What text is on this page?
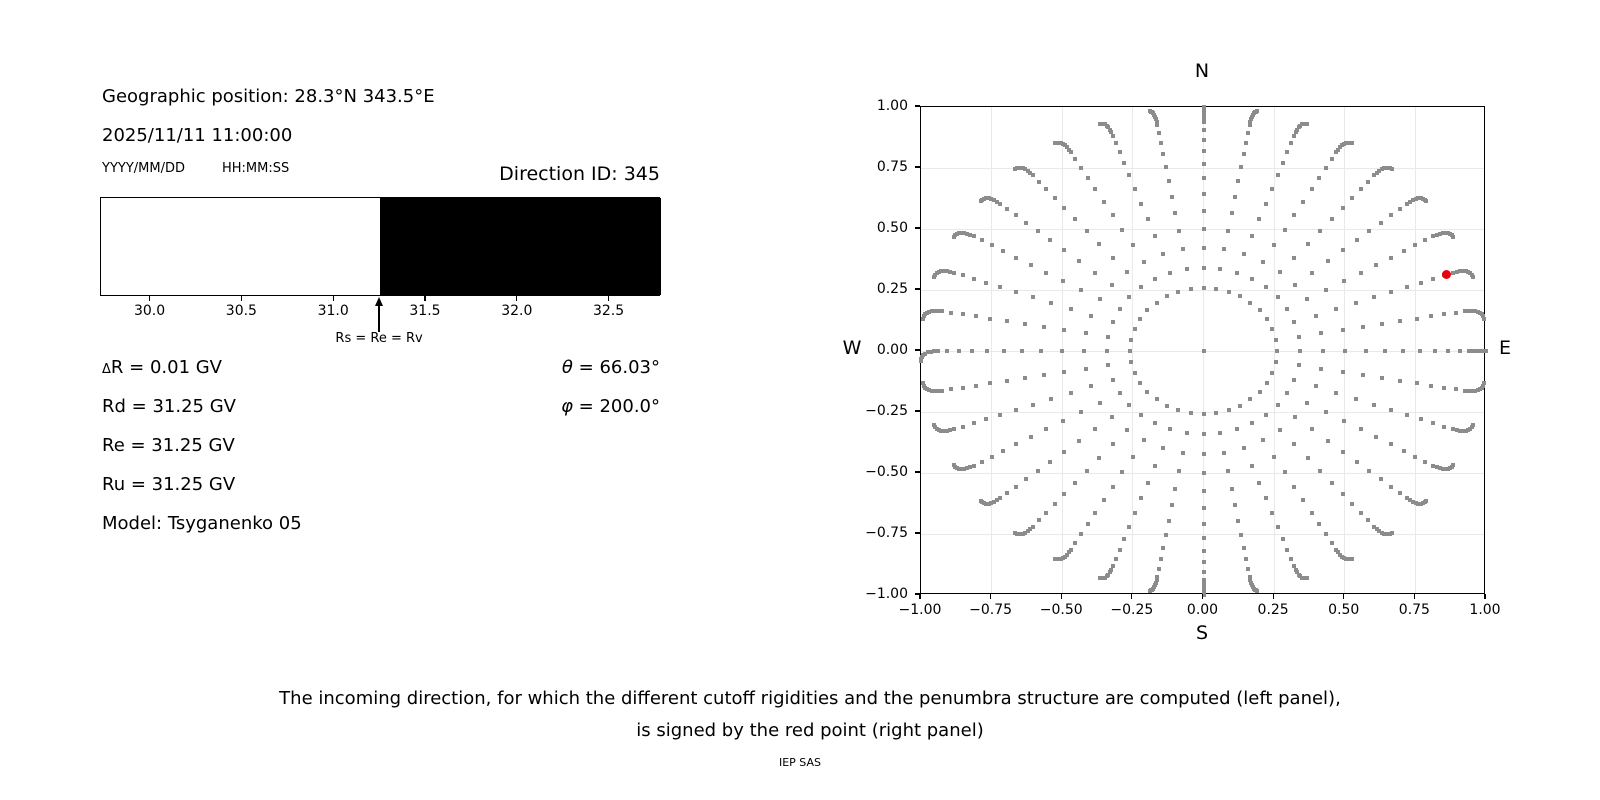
Geographic position: 28.3°N 343.5°E
2025/11/11 11:00:00
YYYY/MM/DD	HH:MM:SS	Direction ID: 345
30.0	30.5	31.0	31.5	32.0	32.5
Rs = Re = Rv
ΔR = 0.01 GV
Rd = 31.25 GV
Re = 31.25 GV
Ru = 31.25 GV
Model: Tsyganenko 05
θ = 66.03°
φ = 200.0°
−1.00	−0.75	−0.50	−0.25	0.00	0.25	0.50	0.75	1.00
1.00
0.75
0.50
0.25
0.00
−0.25
−0.50
−0.75
−1.00
N
S
W	E
The incoming direction, for which the different cutoff rigidities and the penumbra structure are computed (left panel),
is signed by the red point (right panel)
IEP SAS
